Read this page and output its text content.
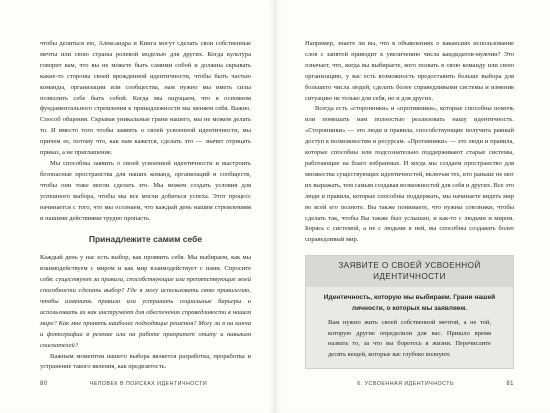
чтобы делиться ею, Александра и Кинга могут сделать свои собственные мечты или свою страны ролевой моделью для других. Когда культура говорит вам, что вы не можете быть самими собой и должны скрывать какие-то стороны своей врожденной идентичности, чтобы быть частью команды, организации или сообщества, нам нужно мы иметь силы позволить себе быть собой. Когда мы ощущаем, что в основном фундаментального стремления к принадлежности мы меняем себя. Важно. Способ общения. Скрывая уникальные грани нашего, мы не можем делать то. И вместо того чтобы заявить о своей усвоенной идентичности, мы причем ее, потому что, как нам кажется, сделать это — значит отрицать приказ, а не приглашение.

Мы способны заявить о своей усвоенной идентичности и выстроить безопасные пространства для наших команд, организаций и сообществ, чтобы они тоже могли сделать это. Мы можем создать условия для успешного выбора, чтобы мы все могли добиться успеха. Этот процесс начинается с того, что мы осознаем, что каждый день нашим стремлениям и нашими действиями трудно пропасть.

Принадлежите самим себе

Каждый день у нас есть выбор, как проявить себя. Мы выбираем, как мы взаимодействуем с миром и как мир взаимодействует с нами. Спросите себя: существуют ли правила, способствующие или препятствующие моей способности сделать выбор? Где я могу использовать свою привилегию, чтобы изменить правила или устранить социальные барьеры и использовать их как инструмент для обеспечения справедливости в нашем мире? Как мне принять наиболее подходящие решения? Могу ли я на кинча и фотографии в резюме или на работе приоритет опыту и навыкам соискателей?

Важным моментом нашего выбора является разработка, проработка и устранение такого явления, как предвзятость.

80	ЧЕЛОВЕК В ПОИСКАХ ИДЕНТИЧНОСТИ

Например, знаете ли вы, что в объявлениях о вакансиях использование слов с запятой приводит к увеличению числа кандидатов-мужчин? Это означает, что, когда вы выбираете, кого позвать в свою команду или свою организацию, у вас есть возможность предоставить больше выбора для большего числа людей, сделать более справедливыми системы и изменив ситуацию не только для себя, но и для других.

Всегда есть «сторонники» и «противники», которые способны помочь или помешать нам полностью реализовать нашу идентичность. «Сторонники» — это люди и правила, способствующие получить равный доступ к возможностям и ресурсам. «Противники» — это люди и правила, которые способны или подсознательно поддерживают старые системы, работающие на благо избранных. И когда мы создаем пространство для множества существующих идентичностей, включая тех, кто раньше не мог их выражать, тем самым создавая возможностей для себя и других. Все это люди и правила, которые способны поддержать, мы начинаете видеть мир во всей его полноте. Вы также понимаете, что нужны союзники, чтобы сделать так, чтобы Вы также был услышан, и как-то с людьми и миром. Борясь с системой, а не с людьми в ней, вы способны создавать более справедливый мир.

ЗАЯВИТЕ О СВОЕЙ УСВОЕННОЙ ИДЕНТИЧНОСТИ
Идентичность, которую мы выбираем. Грани нашей личности, о которых мы заявляем.
Вам нужно жить своей собственной мечтой, а не той, которую другие определили для вас. Пришло время назвать то, за что вы боретесь в жизни. Перечислите десять вещей, которые вас глубоко волнуют.
6. УСВОЕННАЯ ИДЕНТИЧНОСТЬ	81
